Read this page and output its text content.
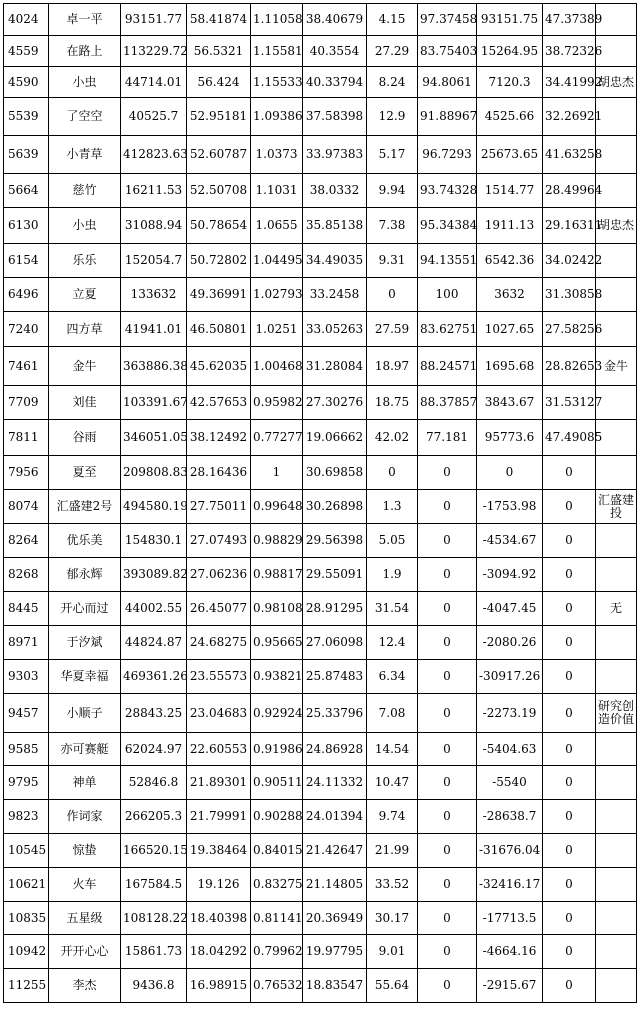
4024	卓一平	93151.77	58.41874	1.11058	38.40679	4.15	97.37458	93151.75	47.37389	
4559	在路上	113229.72	56.5321	1.15581	40.3554	27.29	83.75403	15264.95	38.72326	
4590	小虫	44714.01	56.424	1.15533	40.33794	8.24	94.8061	7120.3	34.41992	胡忠杰
5539	了空空	40525.7	52.95181	1.09386	37.58398	12.9	91.88967	4525.66	32.26921	
5639	小青草	412823.63	52.60787	1.0373	33.97383	5.17	96.7293	25673.65	41.63258	
5664	慈竹	16211.53	52.50708	1.1031	38.0332	9.94	93.74328	1514.77	28.49964	
6130	小虫	31088.94	50.78654	1.0655	35.85138	7.38	95.34384	1911.13	29.16311	胡忠杰
6154	乐乐	152054.7	50.72802	1.04495	34.49035	9.31	94.13551	6542.36	34.02422	
6496	立夏	133632	49.36991	1.02793	33.2458	0	100	3632	31.30858	
7240	四方草	41941.01	46.50801	1.0251	33.05263	27.59	83.62751	1027.65	27.58256	
7461	金牛	363886.38	45.62035	1.00468	31.28084	18.97	88.24571	1695.68	28.82653	金牛
7709	刘佳	103391.67	42.57653	0.95982	27.30276	18.75	88.37857	3843.67	31.53127	
7811	谷雨	346051.05	38.12492	0.77277	19.06662	42.02	77.181	95773.6	47.49085	
7956	夏至	209808.83	28.16436	1	30.69858	0	0	0	0	
8074	汇盛建2号	494580.19	27.75011	0.99648	30.26898	1.3	0	-1753.98	0	汇盛建投
8264	优乐美	154830.1	27.07493	0.98829	29.56398	5.05	0	-4534.67	0	
8268	郁永辉	393089.82	27.06236	0.98817	29.55091	1.9	0	-3094.92	0	
8445	开心而过	44002.55	26.45077	0.98108	28.91295	31.54	0	-4047.45	0	无
8971	于汐斌	44824.87	24.68275	0.95665	27.06098	12.4	0	-2080.26	0	
9303	华夏幸福	469361.26	23.55573	0.93821	25.87483	6.34	0	-30917.26	0	
9457	小顺子	28843.25	23.04683	0.92924	25.33796	7.08	0	-2273.19	0	研究创造价值
9585	亦可赛艇	62024.97	22.60553	0.91986	24.86928	14.54	0	-5404.63	0	
9795	神单	52846.8	21.89301	0.90511	24.11332	10.47	0	-5540	0	
9823	作词家	266205.3	21.79991	0.90288	24.01394	9.74	0	-28638.7	0	
10545	惊蛰	166520.15	19.38464	0.84015	21.42647	21.99	0	-31676.04	0	
10621	火车	167584.5	19.126	0.83275	21.14805	33.52	0	-32416.17	0	
10835	五星级	108128.22	18.40398	0.81141	20.36949	30.17	0	-17713.5	0	
10942	开开心心	15861.73	18.04292	0.79962	19.97795	9.01	0	-4664.16	0	
11255	李杰	9436.8	16.98915	0.76532	18.83547	55.64	0	-2915.67	0	
